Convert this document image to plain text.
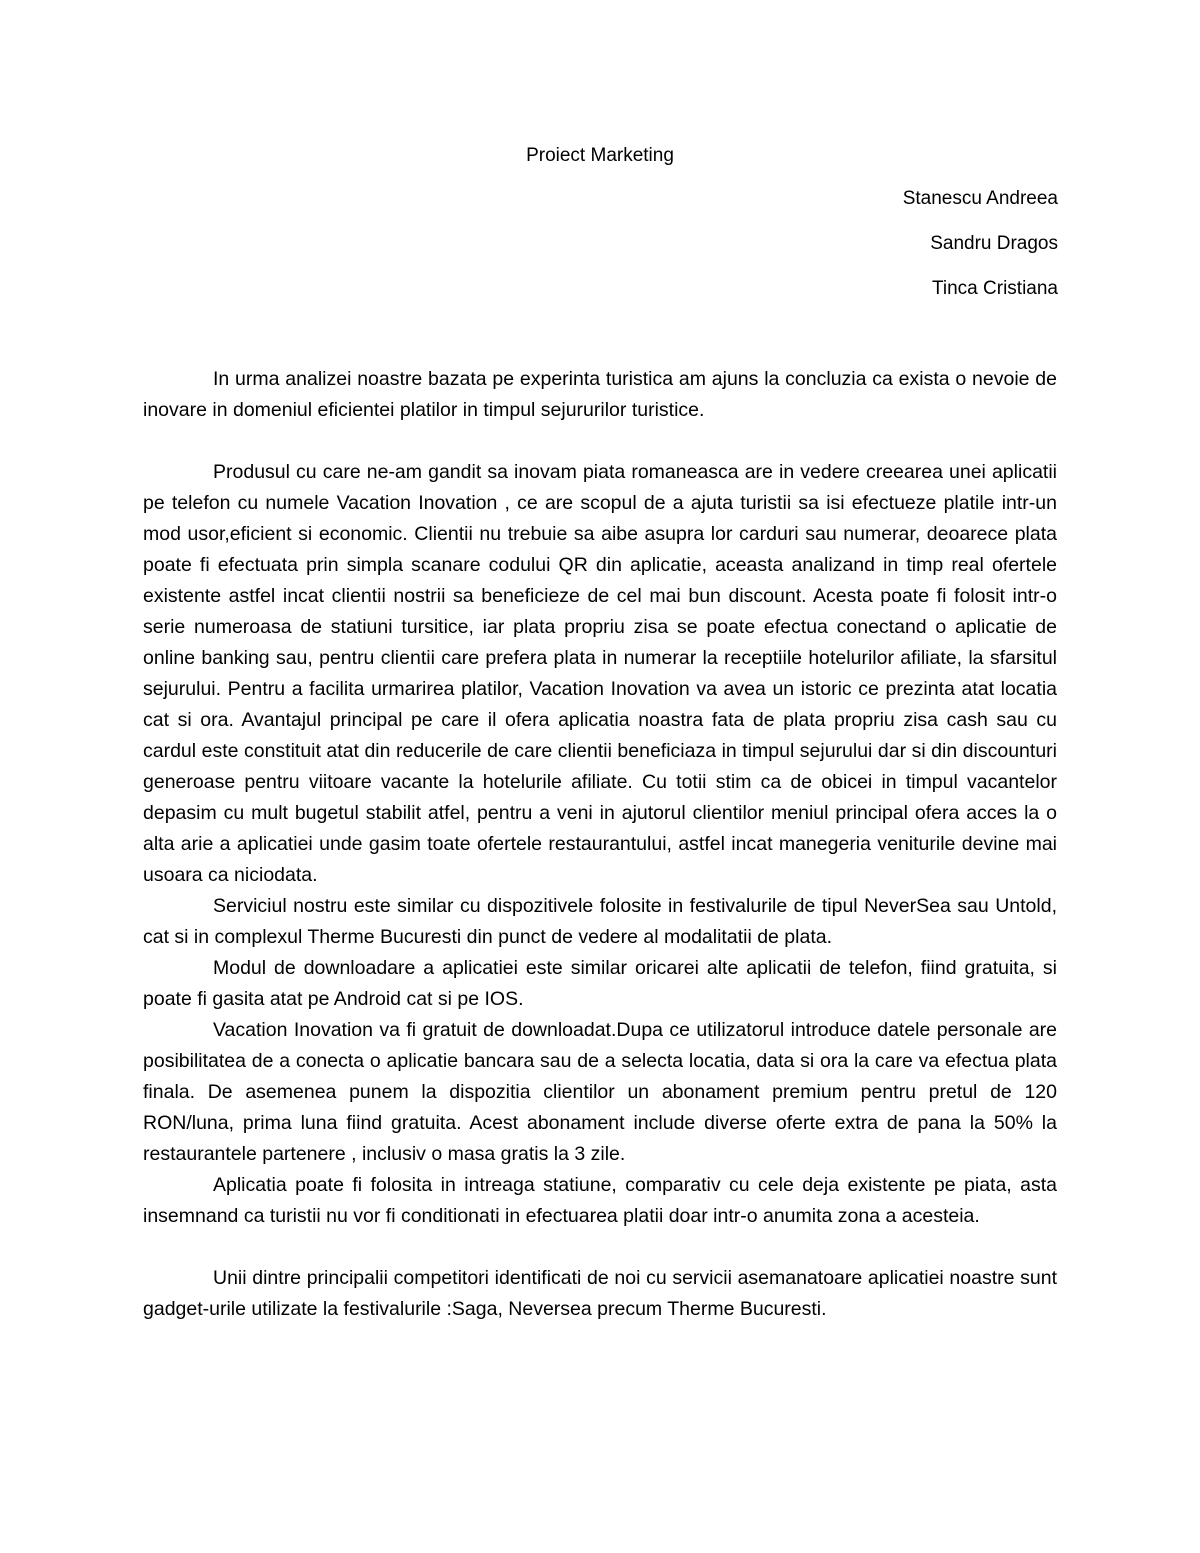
Proiect Marketing
Stanescu Andreea
Sandru Dragos
Tinca Cristiana

In urma analizei noastre bazata pe experinta turistica am ajuns la concluzia ca exista o nevoie de inovare in domeniul eficientei platilor in timpul sejururilor turistice.

Produsul cu care ne-am gandit sa inovam piata romaneasca are in vedere creearea unei aplicatii pe telefon cu numele Vacation Inovation , ce are scopul de a ajuta turistii sa isi efectueze platile intr-un mod usor,eficient si economic. Clientii nu trebuie sa aibe asupra lor carduri sau numerar, deoarece plata poate fi efectuata prin simpla scanare codului QR din aplicatie, aceasta analizand in timp real ofertele existente astfel incat clientii nostrii sa beneficieze de cel mai bun discount. Acesta poate fi folosit intr-o serie numeroasa de statiuni tursitice, iar plata propriu zisa se poate efectua conectand o aplicatie de online banking sau, pentru clientii care prefera plata in numerar la receptiile hotelurilor afiliate, la sfarsitul sejurului. Pentru a facilita urmarirea platilor, Vacation Inovation va avea un istoric ce prezinta atat locatia cat si ora. Avantajul principal pe care il ofera aplicatia noastra fata de plata propriu zisa cash sau cu cardul este constituit atat din reducerile de care clientii beneficiaza in timpul sejurului dar si din discounturi generoase pentru viitoare vacante la hotelurile afiliate. Cu totii stim ca de obicei in timpul vacantelor depasim cu mult bugetul stabilit atfel, pentru a veni in ajutorul clientilor meniul principal ofera acces la o alta arie a aplicatiei unde gasim toate ofertele restaurantului, astfel incat manegeria veniturile devine mai usoara ca niciodata.

Serviciul nostru este similar cu dispozitivele folosite in festivalurile de tipul NeverSea sau Untold, cat si in complexul Therme Bucuresti din punct de vedere al modalitatii de plata.

Modul de downloadare a aplicatiei este similar oricarei alte aplicatii de telefon, fiind gratuita, si poate fi gasita atat pe Android cat si pe IOS.

Vacation Inovation va fi gratuit de downloadat.Dupa ce utilizatorul introduce datele personale are posibilitatea de a conecta o aplicatie bancara sau de a selecta locatia, data si ora la care va efectua plata finala. De asemenea punem la dispozitia clientilor un abonament premium pentru pretul de 120 RON/luna, prima luna fiind gratuita. Acest abonament include diverse oferte extra de pana la 50% la restaurantele partenere , inclusiv o masa gratis la 3 zile.

Aplicatia poate fi folosita in intreaga statiune, comparativ cu cele deja existente pe piata, asta insemnand ca turistii nu vor fi conditionati in efectuarea platii doar intr-o anumita zona a acesteia.

Unii dintre principalii competitori identificati de noi cu servicii asemanatoare aplicatiei noastre sunt gadget-urile utilizate la festivalurile :Saga, Neversea precum Therme Bucuresti.
